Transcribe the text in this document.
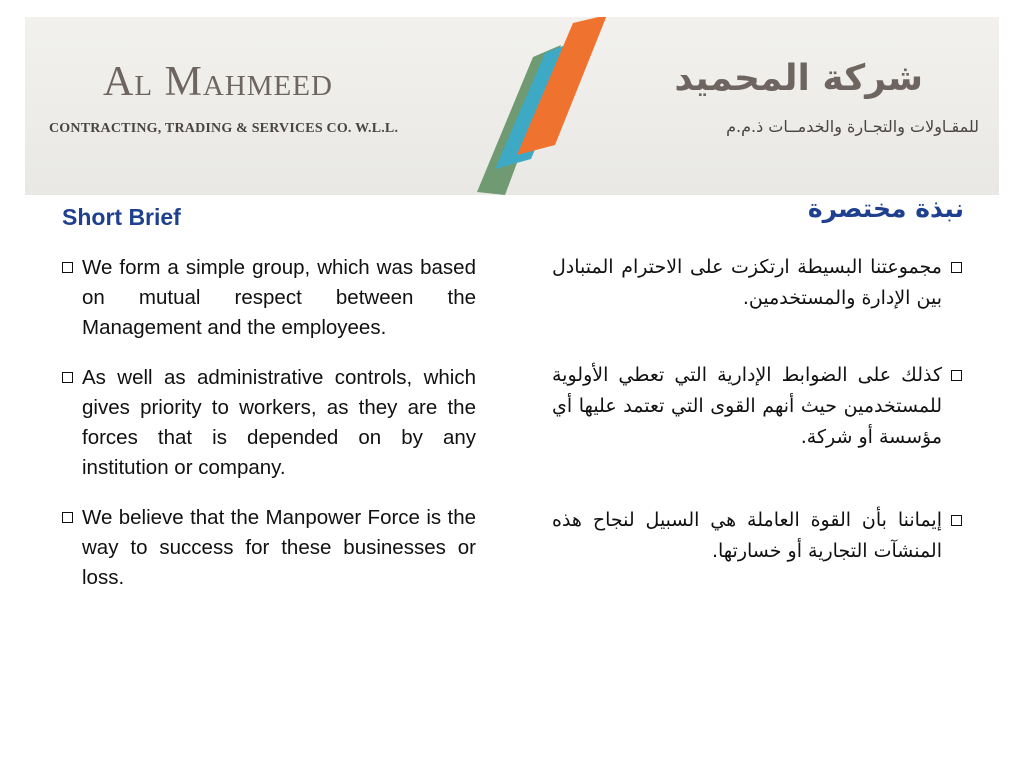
Al Mahmeed
CONTRACTING, TRADING & SERVICES CO. W.L.L.
شركة المحميد
للمقـاولات والتجـارة والخدمــات ذ.م.م
Short Brief	نبذة مختصرة
We form a simple group, which was based on mutual respect between the Management and the employees.
As well as administrative controls, which gives priority to workers, as they are the forces that is depended on by any institution or company.
We believe that the Manpower Force is the way to success for these businesses or loss.
مجموعتنا البسيطة ارتكزت على الاحترام المتبادل بين الإدارة والمستخدمين.
كذلك على الضوابط الإدارية التي تعطي الأولوية للمستخدمين حيث أنهم القوى التي تعتمد عليها أي مؤسسة أو شركة.
إيماننا بأن القوة العاملة هي السبيل لنجاح هذه المنشآت التجارية أو خسارتها.
